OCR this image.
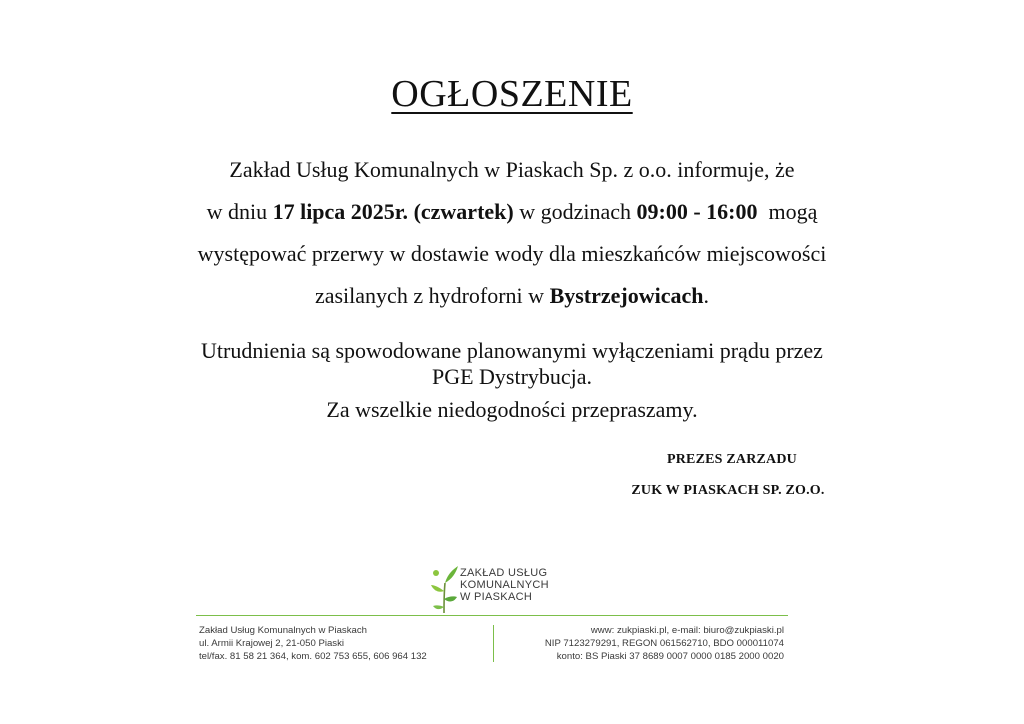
OGŁOSZENIE
Zakład Usług Komunalnych w Piaskach Sp. z o.o. informuje, że
w dniu 17 lipca 2025r. (czwartek) w godzinach 09:00 - 16:00  mogą
występować przerwy w dostawie wody dla mieszkańców miejscowości
zasilanych z hydroforni w Bystrzejowicach.
Utrudnienia są spowodowane planowanymi wyłączeniami prądu przez
PGE Dystrybucja.
Za wszelkie niedogodności przepraszamy.
PREZES ZARZADU
ZUK W PIASKACH SP. ZO.O.
ZAKŁAD USŁUG
KOMUNALNYCH
W PIASKACH
Zakład Usług Komunalnych w Piaskach
ul. Armii Krajowej 2, 21-050 Piaski
tel/fax. 81 58 21 364, kom. 602 753 655, 606 964 132
www: zukpiaski.pl, e-mail: biuro@zukpiaski.pl
NIP 7123279291, REGON 061562710, BDO 000011074
konto: BS Piaski 37 8689 0007 0000 0185 2000 0020
